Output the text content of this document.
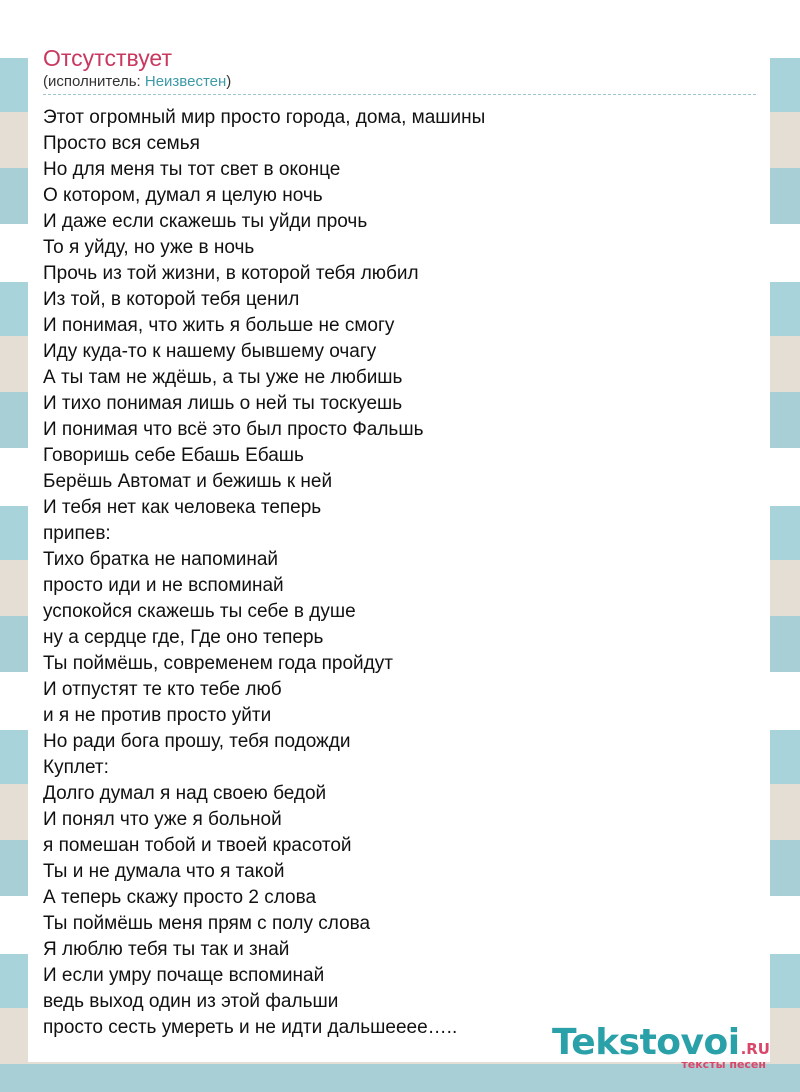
Отсутствует
(исполнитель: Неизвестен)
Этот огромный мир просто города, дома, машины
Просто вся семья
Но для меня ты тот свет в оконце
О котором, думал я целую ночь
И даже если скажешь ты уйди прочь
То я уйду, но уже в ночь
Прочь из той жизни, в которой тебя любил
Из той, в которой тебя ценил
И понимая, что жить я больше не смогу
Иду куда-то к нашему бывшему очагу
А ты там не ждёшь, а ты уже не любишь
И тихо понимая лишь о ней ты тоскуешь
И понимая что всё это был просто Фальшь
Говоришь себе Ебашь Ебашь
Берёшь Автомат и бежишь к ней
И тебя нет как человека теперь
припев:
Тихо братка не напоминай
просто иди и не вспоминай
успокойся скажешь ты себе в душе
ну а сердце где, Где оно теперь
Ты поймёшь, современем года пройдут
И отпустят те кто тебе люб
и я не против просто уйти
Но ради бога прошу, тебя подожди
Куплет:
Долго думал я над своею бедой
И понял что уже я больной
я помешан тобой и твоей красотой
Ты и не думала что я такой
А теперь скажу просто 2 слова
Ты поймёшь меня прям с полу слова
Я люблю тебя ты так и знай
И если умру почаще вспоминай
ведь выход один из этой фальши
просто сесть умереть и не идти дальшееее…..	Tekstovoi.RU
тексты песен
